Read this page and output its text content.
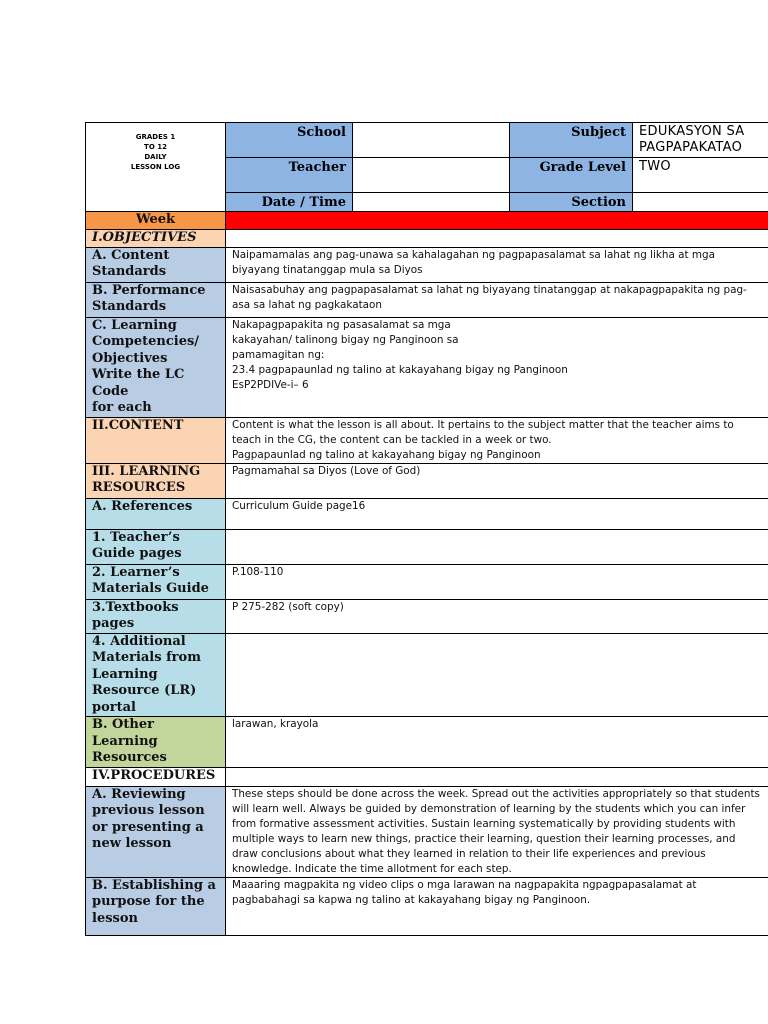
GRADES 1
TO 12
DAILY
LESSON LOG	School		Subject	EDUKASYON SA PAGPAPAKATAO
	Teacher		Grade Level	TWO
	Date / Time		Section	
Week	
I.OBJECTIVES	
A. Content Standards	Naipamamalas ang pag-unawa sa kahalagahan ng pagpapasalamat sa lahat ng likha at mga biyayang tinatanggap mula sa Diyos
B. Performance Standards	Naisasabuhay ang pagpapasalamat sa lahat ng biyayang tinatanggap at nakapagpapakita ng pag-asa sa lahat ng pagkakataon

C. Learning
Competencies/
Objectives
Write the LC Code
for each	Nakapagpapakita ng pasasalamat sa mga
kakayahan/ talinong bigay ng Panginoon sa
pamamagitan ng:
23.4 pagpapaunlad ng talino at kakayahang bigay ng Panginoon
EsP2PDIVe-i– 6

II.CONTENT	Content is what the lesson is all about. It pertains to the subject matter that the teacher aims to teach in the CG, the content can be tackled in a week or two.
Pagpapaunlad ng talino at kakayahang bigay ng Panginoon

III. LEARNING RESOURCES	Pagmamahal sa Diyos (Love of God)
A. References	Curriculum Guide page16
1. Teacher’s Guide pages	
2. Learner’s Materials Guide	P.108-110
3.Textbooks pages	P 275-282 (soft copy)
4. Additional Materials from Learning Resource (LR) portal	
B. Other Learning Resources	larawan, krayola
IV.PROCEDURES	
A. Reviewing previous lesson or presenting a new lesson	These steps should be done across the week. Spread out the activities appropriately so that students will learn well. Always be guided by demonstration of learning by the students which you can infer from formative assessment activities. Sustain learning systematically by providing students with multiple ways to learn new things, practice their learning, question their learning processes, and draw conclusions about what they learned in relation to their life experiences and previous knowledge. Indicate the time allotment for each step.
B. Establishing a purpose for the lesson	Maaaring magpakita ng video clips o mga larawan na nagpapakita ngpagpapasalamat at pagbabahagi sa kapwa ng talino at kakayahang bigay ng Panginoon.
